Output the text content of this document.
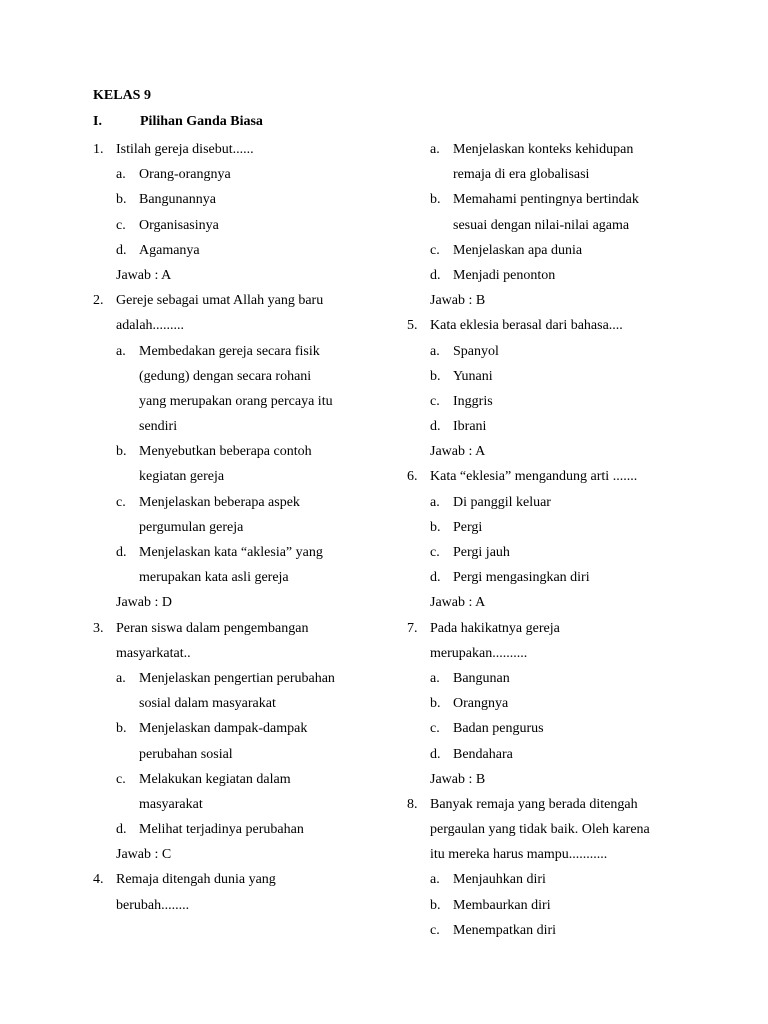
KELAS 9
I.	Pilihan Ganda Biasa
1. Istilah gereja disebut......
a. Orang-orangnya
b. Bangunannya
c. Organisasinya
d. Agamanya
Jawab : A
2. Gereje sebagai umat Allah yang baru
adalah.........
a. Membedakan gereja secara fisik
(gedung) dengan secara rohani
yang merupakan orang percaya itu
sendiri
b. Menyebutkan beberapa contoh
kegiatan gereja
c. Menjelaskan beberapa aspek
pergumulan gereja
d. Menjelaskan kata “aklesia” yang
merupakan kata asli gereja
Jawab : D
3. Peran siswa dalam pengembangan
masyarkatat..
a. Menjelaskan pengertian perubahan
sosial dalam masyarakat
b. Menjelaskan dampak-dampak
perubahan sosial
c. Melakukan kegiatan dalam
masyarakat
d. Melihat terjadinya perubahan
Jawab : C
4. Remaja ditengah dunia yang
berubah........
a. Menjelaskan konteks kehidupan
remaja di era globalisasi
b. Memahami pentingnya bertindak
sesuai dengan nilai-nilai agama
c. Menjelaskan apa dunia
d. Menjadi penonton
Jawab : B
5. Kata eklesia berasal dari bahasa....
a. Spanyol
b. Yunani
c. Inggris
d. Ibrani
Jawab : A
6. Kata “eklesia” mengandung arti .......
a. Di panggil keluar
b. Pergi
c. Pergi jauh
d. Pergi mengasingkan diri
Jawab : A
7. Pada hakikatnya gereja
merupakan..........
a. Bangunan
b. Orangnya
c. Badan pengurus
d. Bendahara
Jawab : B
8. Banyak remaja yang berada ditengah
pergaulan yang tidak baik. Oleh karena
itu mereka harus mampu...........
a. Menjauhkan diri
b. Membaurkan diri
c. Menempatkan diri
